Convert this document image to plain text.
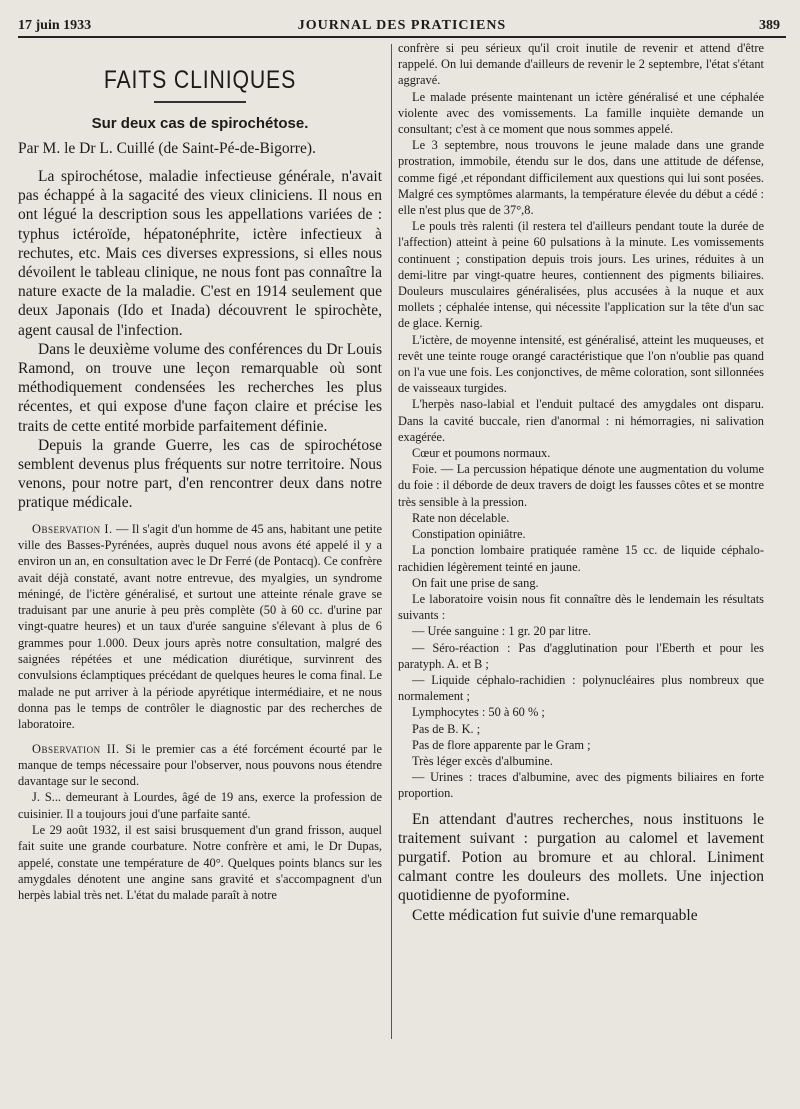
17 juin 1933	JOURNAL DES PRATICIENS	389
FAITS CLINIQUES
Sur deux cas de spirochétose.

Par M. le Dr L. Cuillé (de Saint-Pé-de-Bigorre).

La spirochétose, maladie infectieuse générale, n'avait pas échappé à la sagacité des vieux cliniciens. Il nous en ont légué la description sous les appellations variées de : typhus ictéroïde, hépatonéphrite, ictère infectieux à rechutes, etc. Mais ces diverses expressions, si elles nous dévoilent le tableau clinique, ne nous font pas connaître la nature exacte de la maladie. C'est en 1914 seulement que deux Japonais (Ido et Inada) découvrent le spirochète, agent causal de l'infection.

Dans le deuxième volume des conférences du Dr Louis Ramond, on trouve une leçon remarquable où sont méthodiquement condensées les recherches les plus récentes, et qui expose d'une façon claire et précise les traits de cette entité morbide parfaitement définie.

Depuis la grande Guerre, les cas de spirochétose semblent devenus plus fréquents sur notre territoire. Nous venons, pour notre part, d'en rencontrer deux dans notre pratique médicale.

Observation I. — Il s'agit d'un homme de 45 ans, habitant une petite ville des Basses-Pyrénées, auprès duquel nous avons été appelé il y a environ un an, en consultation avec le Dr Ferré (de Pontacq). Ce confrère avait déjà constaté, avant notre entrevue, des myalgies, un syndrome méningé, de l'ictère généralisé, et surtout une atteinte rénale grave se traduisant par une anurie à peu près complète (50 à 60 cc. d'urine par vingt-quatre heures) et un taux d'urée sanguine s'élevant à plus de 6 grammes pour 1.000. Deux jours après notre consultation, malgré des saignées répétées et une médication diurétique, survinrent des convulsions éclamptiques précédant de quelques heures le coma final. Le malade ne put arriver à la période apyrétique intermédiaire, et ne nous donna pas le temps de contrôler le diagnostic par des recherches de laboratoire.

Observation II. Si le premier cas a été forcément écourté par le manque de temps nécessaire pour l'observer, nous pouvons nous étendre davantage sur le second.

J. S... demeurant à Lourdes, âgé de 19 ans, exerce la profession de cuisinier. Il a toujours joui d'une parfaite santé.

Le 29 août 1932, il est saisi brusquement d'un grand frisson, auquel fait suite une grande courbature. Notre confrère et ami, le Dr Dupas, appelé, constate une température de 40°. Quelques points blancs sur les amygdales dénotent une angine sans gravité et s'accompagnent d'un herpès labial très net. L'état du malade paraît à notre

confrère si peu sérieux qu'il croit inutile de revenir et attend d'être rappelé. On lui demande d'ailleurs de revenir le 2 septembre, l'état s'étant aggravé.

Le malade présente maintenant un ictère généralisé et une céphalée violente avec des vomissements. La famille inquiète demande un consultant; c'est à ce moment que nous sommes appelé.

Le 3 septembre, nous trouvons le jeune malade dans une grande prostration, immobile, étendu sur le dos, dans une attitude de défense, comme figé ,et répondant difficilement aux questions qui lui sont posées. Malgré ces symptômes alarmants, la température élevée du début a cédé : elle n'est plus que de 37°,8.

Le pouls très ralenti (il restera tel d'ailleurs pendant toute la durée de l'affection) atteint à peine 60 pulsations à la minute. Les vomissements continuent ; constipation depuis trois jours. Les urines, réduites à un demi-litre par vingt-quatre heures, contiennent des pigments biliaires. Douleurs musculaires généralisées, plus accusées à la nuque et aux mollets ; céphalée intense, qui nécessite l'application sur la tête d'un sac de glace. Kernig.

L'ictère, de moyenne intensité, est généralisé, atteint les muqueuses, et revêt une teinte rouge orangé caractéristique que l'on n'oublie pas quand on l'a vue une fois. Les conjonctives, de même coloration, sont sillonnées de vaisseaux turgides.

L'herpès naso-labial et l'enduit pultacé des amygdales ont disparu. Dans la cavité buccale, rien d'anormal : ni hémorragies, ni salivation exagérée.

Cœur et poumons normaux.

Foie. — La percussion hépatique dénote une augmentation du volume du foie : il déborde de deux travers de doigt les fausses côtes et se montre très sensible à la pression.

Rate non décelable.

Constipation opiniâtre.

La ponction lombaire pratiquée ramène 15 cc. de liquide céphalo-rachidien légèrement teinté en jaune.

On fait une prise de sang.

Le laboratoire voisin nous fit connaître dès le lendemain les résultats suivants :

— Urée sanguine : 1 gr. 20 par litre.

— Séro-réaction : Pas d'agglutination pour l'Eberth et pour les paratyph. A. et B ;

— Liquide céphalo-rachidien : polynucléaires plus nombreux que normalement ;

Lymphocytes : 50 à 60 % ;

Pas de B. K. ;

Pas de flore apparente par le Gram ;

Très léger excès d'albumine.

— Urines : traces d'albumine, avec des pigments biliaires en forte proportion.

En attendant d'autres recherches, nous instituons le traitement suivant : purgation au calomel et lavement purgatif. Potion au bromure et au chloral. Liniment calmant contre les douleurs des mollets. Une injection quotidienne de pyoformine.

Cette médication fut suivie d'une remarquable
